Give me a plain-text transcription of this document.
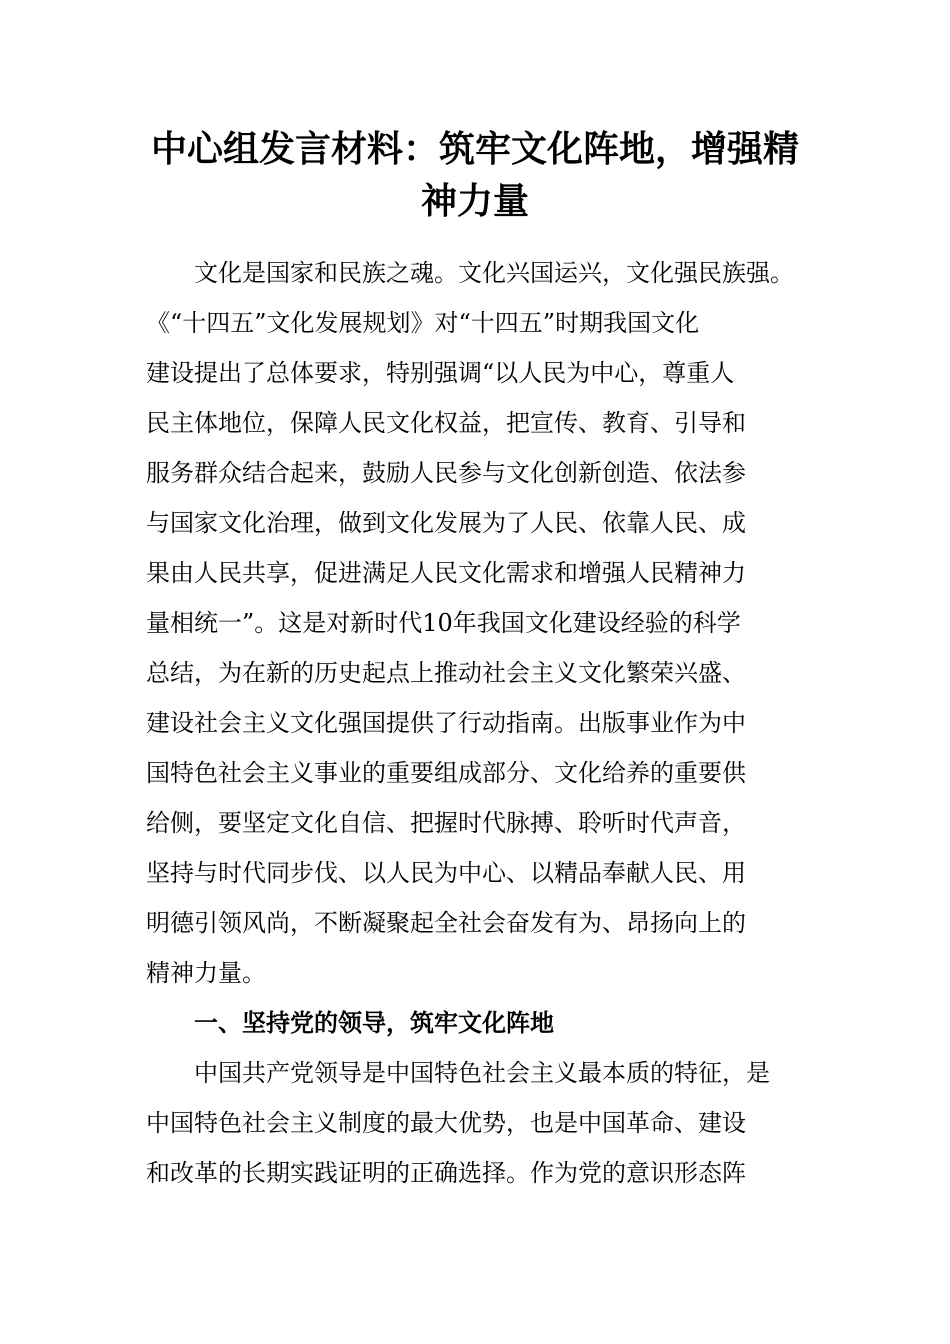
中心组发言材料：筑牢文化阵地，增强精
神力量

文化是国家和民族之魂。文化兴国运兴，文化强民族强。

《“十四五”文化发展规划》对“十四五”时期我国文化

建设提出了总体要求，特别强调“以人民为中心，尊重人

民主体地位，保障人民文化权益，把宣传、教育、引导和

服务群众结合起来，鼓励人民参与文化创新创造、依法参

与国家文化治理，做到文化发展为了人民、依靠人民、成

果由人民共享，促进满足人民文化需求和增强人民精神力

量相统一”。这是对新时代10年我国文化建设经验的科学

总结，为在新的历史起点上推动社会主义文化繁荣兴盛、

建设社会主义文化强国提供了行动指南。出版事业作为中

国特色社会主义事业的重要组成部分、文化给养的重要供

给侧，要坚定文化自信、把握时代脉搏、聆听时代声音，

坚持与时代同步伐、以人民为中心、以精品奉献人民、用

明德引领风尚，不断凝聚起全社会奋发有为、昂扬向上的

精神力量。

一、坚持党的领导，筑牢文化阵地

中国共产党领导是中国特色社会主义最本质的特征，是

中国特色社会主义制度的最大优势，也是中国革命、建设

和改革的长期实践证明的正确选择。作为党的意识形态阵
